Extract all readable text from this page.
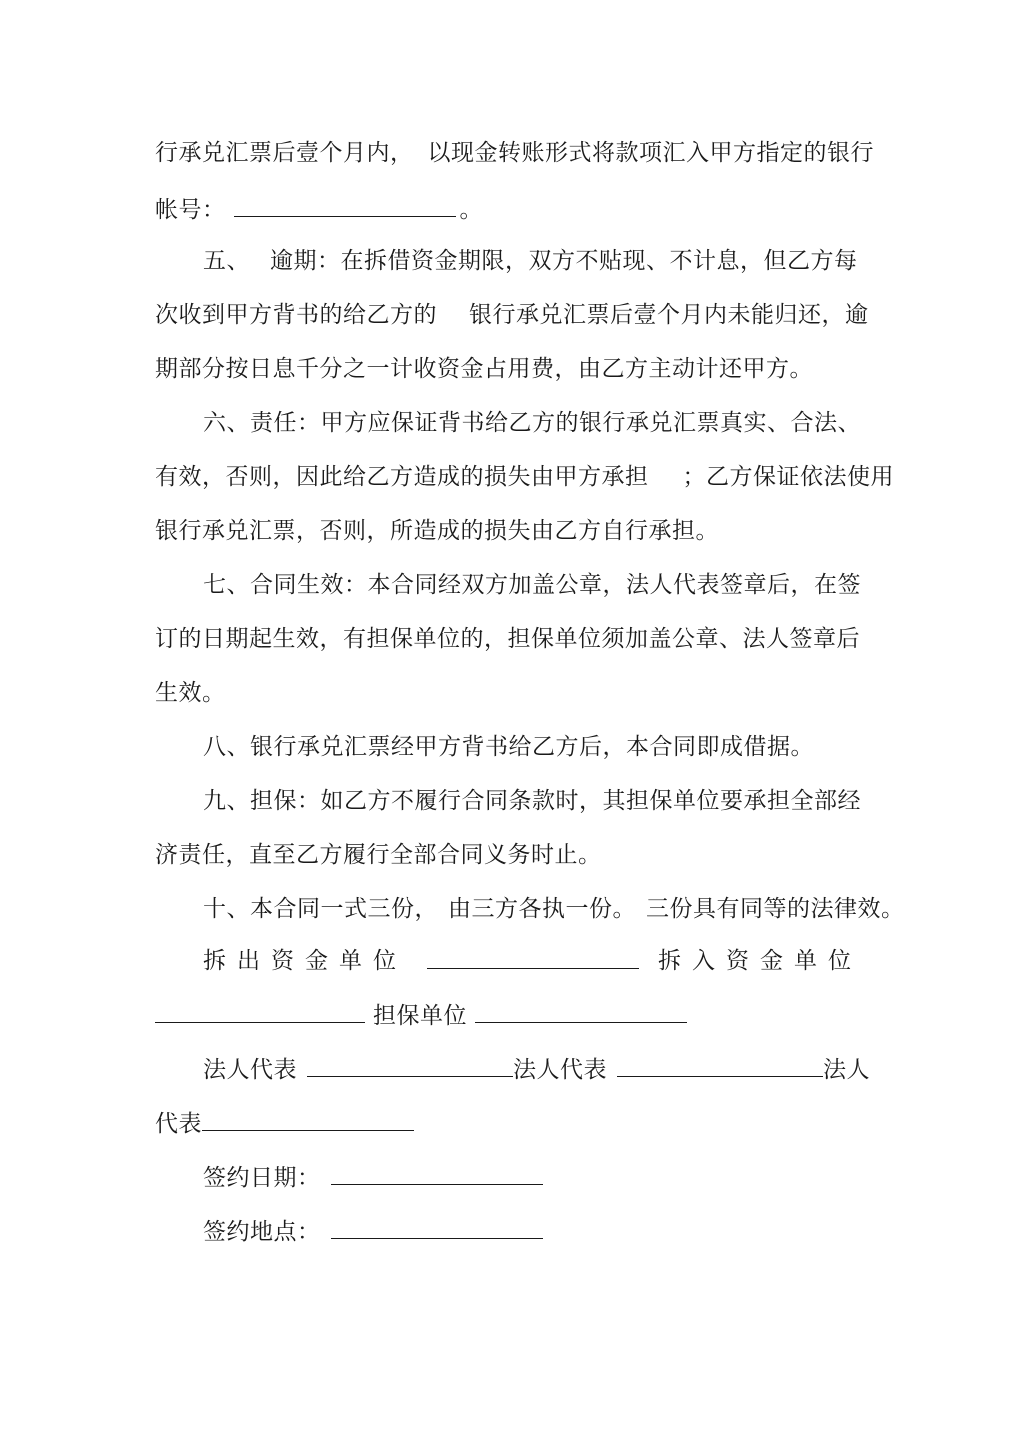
行承兑汇票后壹个月内， 以现金转账形式将款项汇入甲方指定的银行
帐号：	。
五、 逾期：在拆借资金期限，双方不贴现、不计息，但乙方每
次收到甲方背书的给乙方的 银行承兑汇票后壹个月内未能归还，逾
期部分按日息千分之一计收资金占用费，由乙方主动计还甲方。
六、责任：甲方应保证背书给乙方的银行承兑汇票真实、合法、
有效，否则，因此给乙方造成的损失由甲方承担 ；乙方保证依法使用
银行承兑汇票，否则，所造成的损失由乙方自行承担。
七、合同生效：本合同经双方加盖公章，法人代表签章后，在签
订的日期起生效，有担保单位的，担保单位须加盖公章、法人签章后
生效。
八、银行承兑汇票经甲方背书给乙方后，本合同即成借据。
九、担保：如乙方不履行合同条款时，其担保单位要承担全部经
济责任，直至乙方履行全部合同义务时止。
十、本合同一式三份， 由三方各执一份。 三份具有同等的法律效。
拆出资金单位	拆入资金单位
担保单位
法人代表	法人代表	法人
代表
签约日期：
签约地点：
